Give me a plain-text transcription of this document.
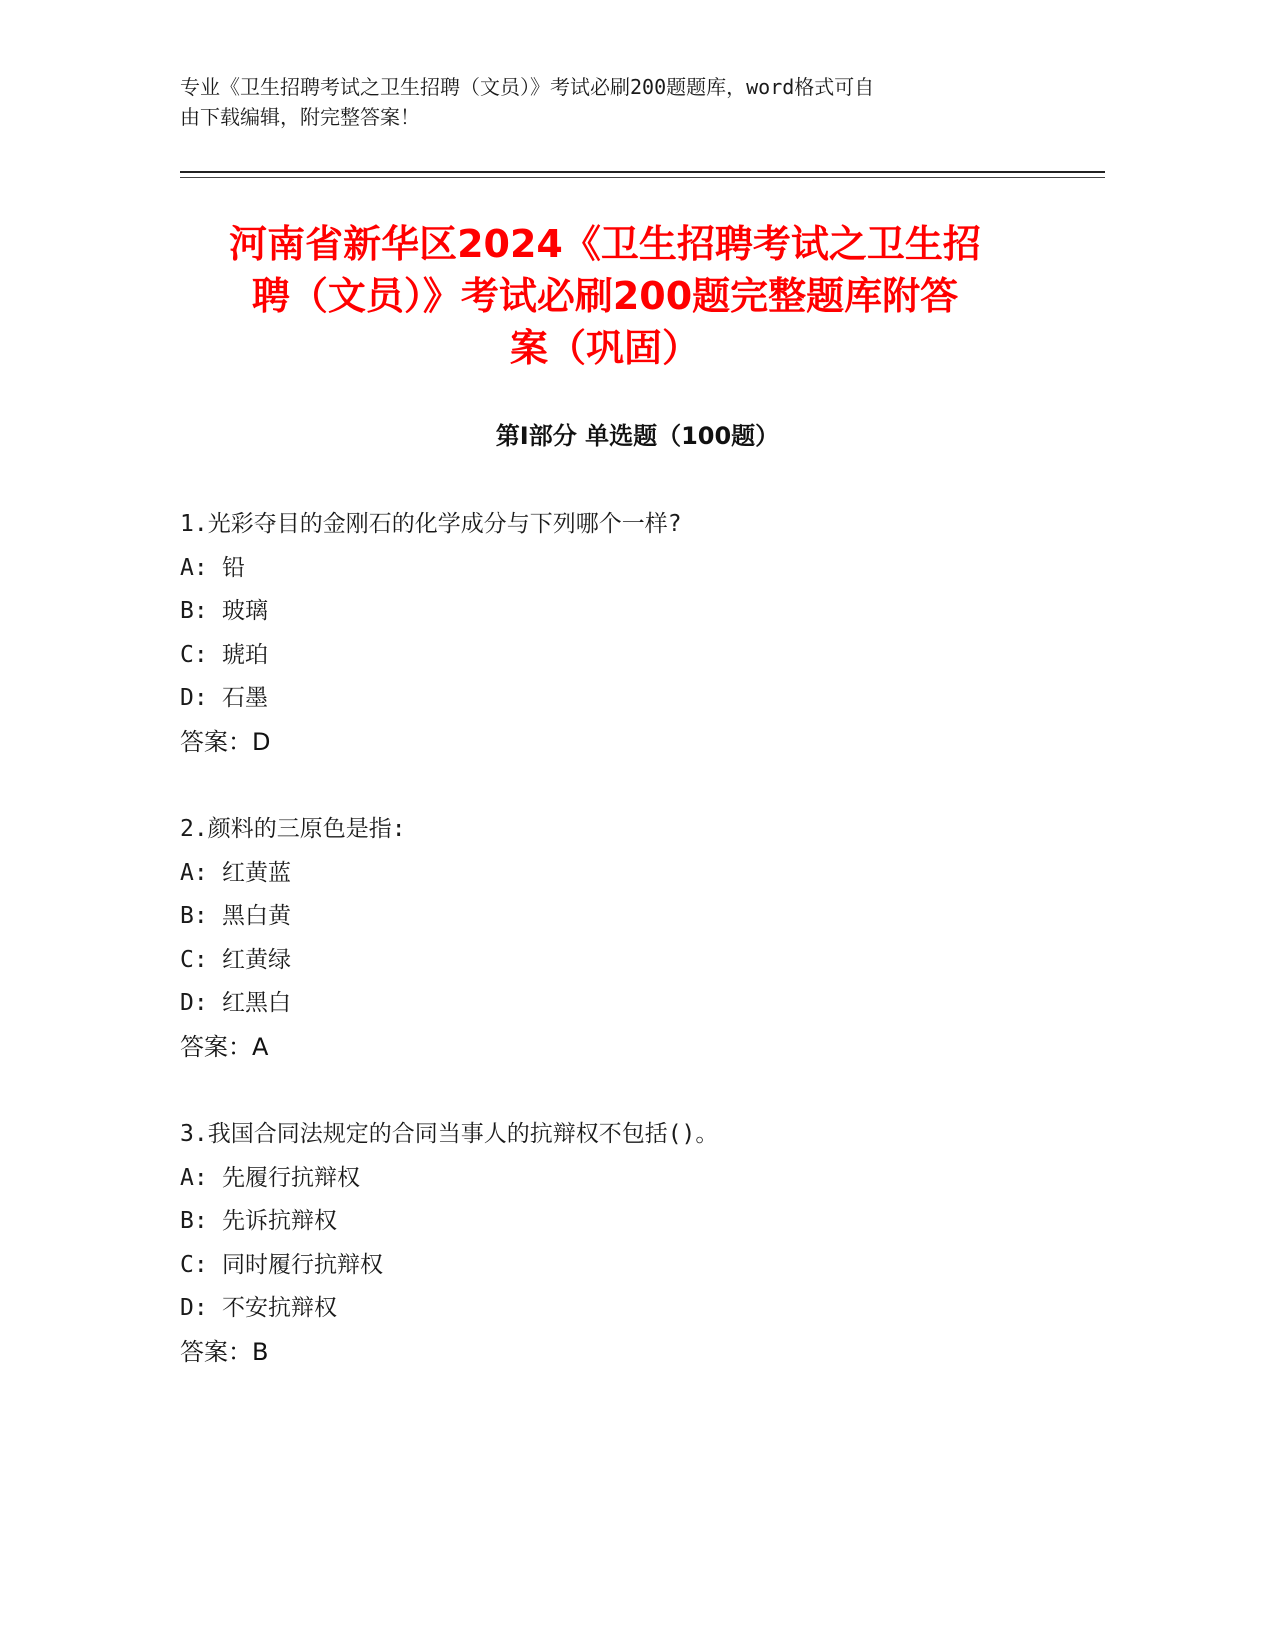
专业《卫生招聘考试之卫生招聘（文员）》考试必刷200题题库，word格式可自
由下载编辑，附完整答案！
河南省新华区2024《卫生招聘考试之卫生招
聘（文员）》考试必刷200题完整题库附答
案（巩固）
第I部分 单选题（100题）
1.光彩夺目的金刚石的化学成分与下列哪个一样?
A: 铅
B: 玻璃
C: 琥珀
D: 石墨
答案：D
2.颜料的三原色是指:
A: 红黄蓝
B: 黑白黄
C: 红黄绿
D: 红黑白
答案：A
3.我国合同法规定的合同当事人的抗辩权不包括()。
A: 先履行抗辩权
B: 先诉抗辩权
C: 同时履行抗辩权
D: 不安抗辩权
答案：B
